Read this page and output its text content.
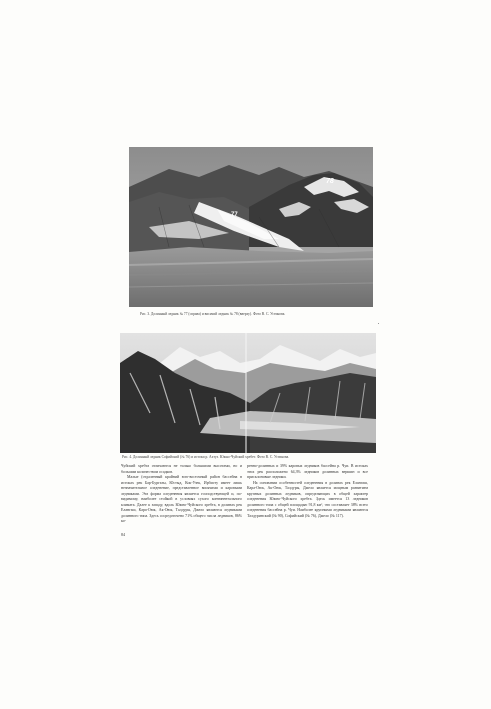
78
77
Рис. 3. Долинный ледник № 77 (справа) и висячий ледник № 78 (вверху). Фото В. С. Устинова.
Рис. 4. Долинный ледник Софийский (№ 76) и истоки р. Ахтуз. Южно-Чуйский хребет. Фото В. С. Устинова.

Чуйский хребта отличаются не только большими высотами, но и большим количеством осадков.

Малые (отдаленный крайний юго-восточный район бассейна в истоках рек Бар-Бургазы, Юстыд, Кок-Узек, Ирбисту имеет лишь незначительное оледенение, представленное висячими и каровыми ледниками. Эта форма оледенения является господствующей и, по-видимому, наиболее стойкой в условиях сухого континентального климата. Далее к западу, вдоль Южно-Чуйского хребта, в долинах рек Елангаш, Кара-Оюк, Ак-Оюк, Талдуры, Джело являются ледниками долинного типа. Здесь сосредоточено 71% общего числа ледников, 86% ко-

ренно-долинных и 39% каровых ледников бассейна р. Чуи. В истоках этих рек расположено 64,3% ледников долинных вершин и все присклоновые ледники.

На основании особенностей оледенения в долинах рек Елангаш, Кара-Оюк, Ак-Оюк, Талдуры, Джело является мощным развитием крупных долинных ледников, определяющих в общей характер оледенения Южно-Чуйского хребта. Здесь имеется 13 ледников долинного типа с общей площадью 91,8 км², что составляет 38% всего оледенения бассейна р. Чуи. Наиболее крупными ледниками являются Талдуринский (№ 90), Софийский (№ 76), Джело (№ 117).

84
